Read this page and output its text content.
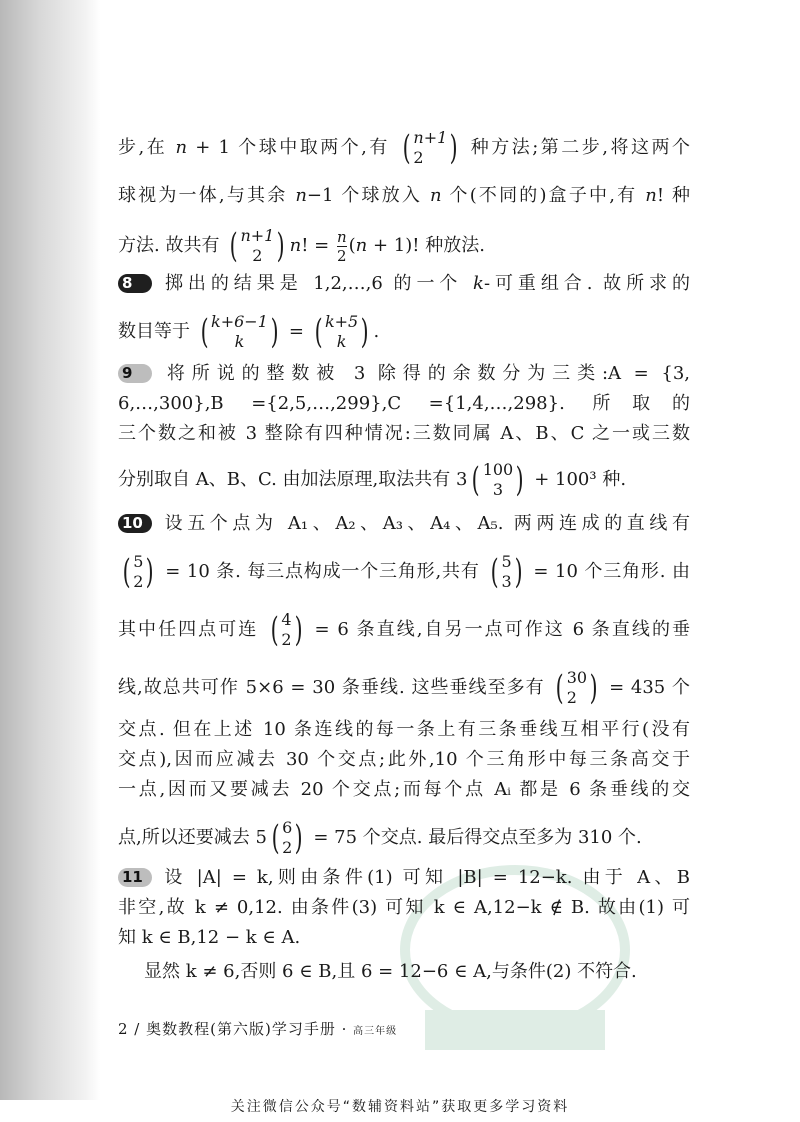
步,在 n + 1 个球中取两个,有 ( n+1
2 ) 种方法;第二步,将这两个
球视为一体,与其余 n−1 个球放入 n 个(不同的)盒子中,有 n! 种
方法. 故共有 ( n+1
2 ) n! = $\frac{n}{2} (n + 1)$! 种放法.
8 掷出的结果是 1,2,…,6 的一个 k-可重组合. 故所求的
数目等于 ( k+6−1
k ) = ( k+5
k ) .
9 将所说的整数被 3 除得的余数分为三类:A = {3,
6,…,300},B ={2,5,…,299},C ={1,4,…,298}. 所取的
三个数之和被 3 整除有四种情况:三数同属 A、B、C 之一或三数
分别取自 A、B、C. 由加法原理,取法共有 3 ( 100
3 ) + 100³ 种.
10 设五个点为 A₁、A₂、A₃、A₄、A₅. 两两连成的直线有
( 5
2 ) = 10 条. 每三点构成一个三角形,共有 ( 5
3 ) = 10 个三角形. 由
其中任四点可连 ( 4
2 ) = 6 条直线,自另一点可作这 6 条直线的垂
线,故总共可作 5×6 = 30 条垂线. 这些垂线至多有 ( 30
2 ) = 435 个
交点. 但在上述 10 条连线的每一条上有三条垂线互相平行(没有
交点),因而应减去 30 个交点;此外,10 个三角形中每三条高交于
一点,因而又要减去 20 个交点;而每个点 Aᵢ 都是 6 条垂线的交
点,所以还要减去 5 ( 6
2 ) = 75 个交点. 最后得交点至多为 310 个.
11 设 |A| = k,则由条件(1) 可知 |B| = 12−k. 由于 A、B
非空,故 k ≠ 0,12. 由条件(3) 可知 k ∈ A,12−k ∉ B. 故由(1) 可
知 k ∈ B,12 − k ∈ A.
显然 k ≠ 6,否则 6 ∈ B,且 6 = 12−6 ∈ A,与条件(2) 不符合.
2 / 奥数教程(第六版)学习手册 · 高三年级
关注微信公众号“数辅资料站”获取更多学习资料
